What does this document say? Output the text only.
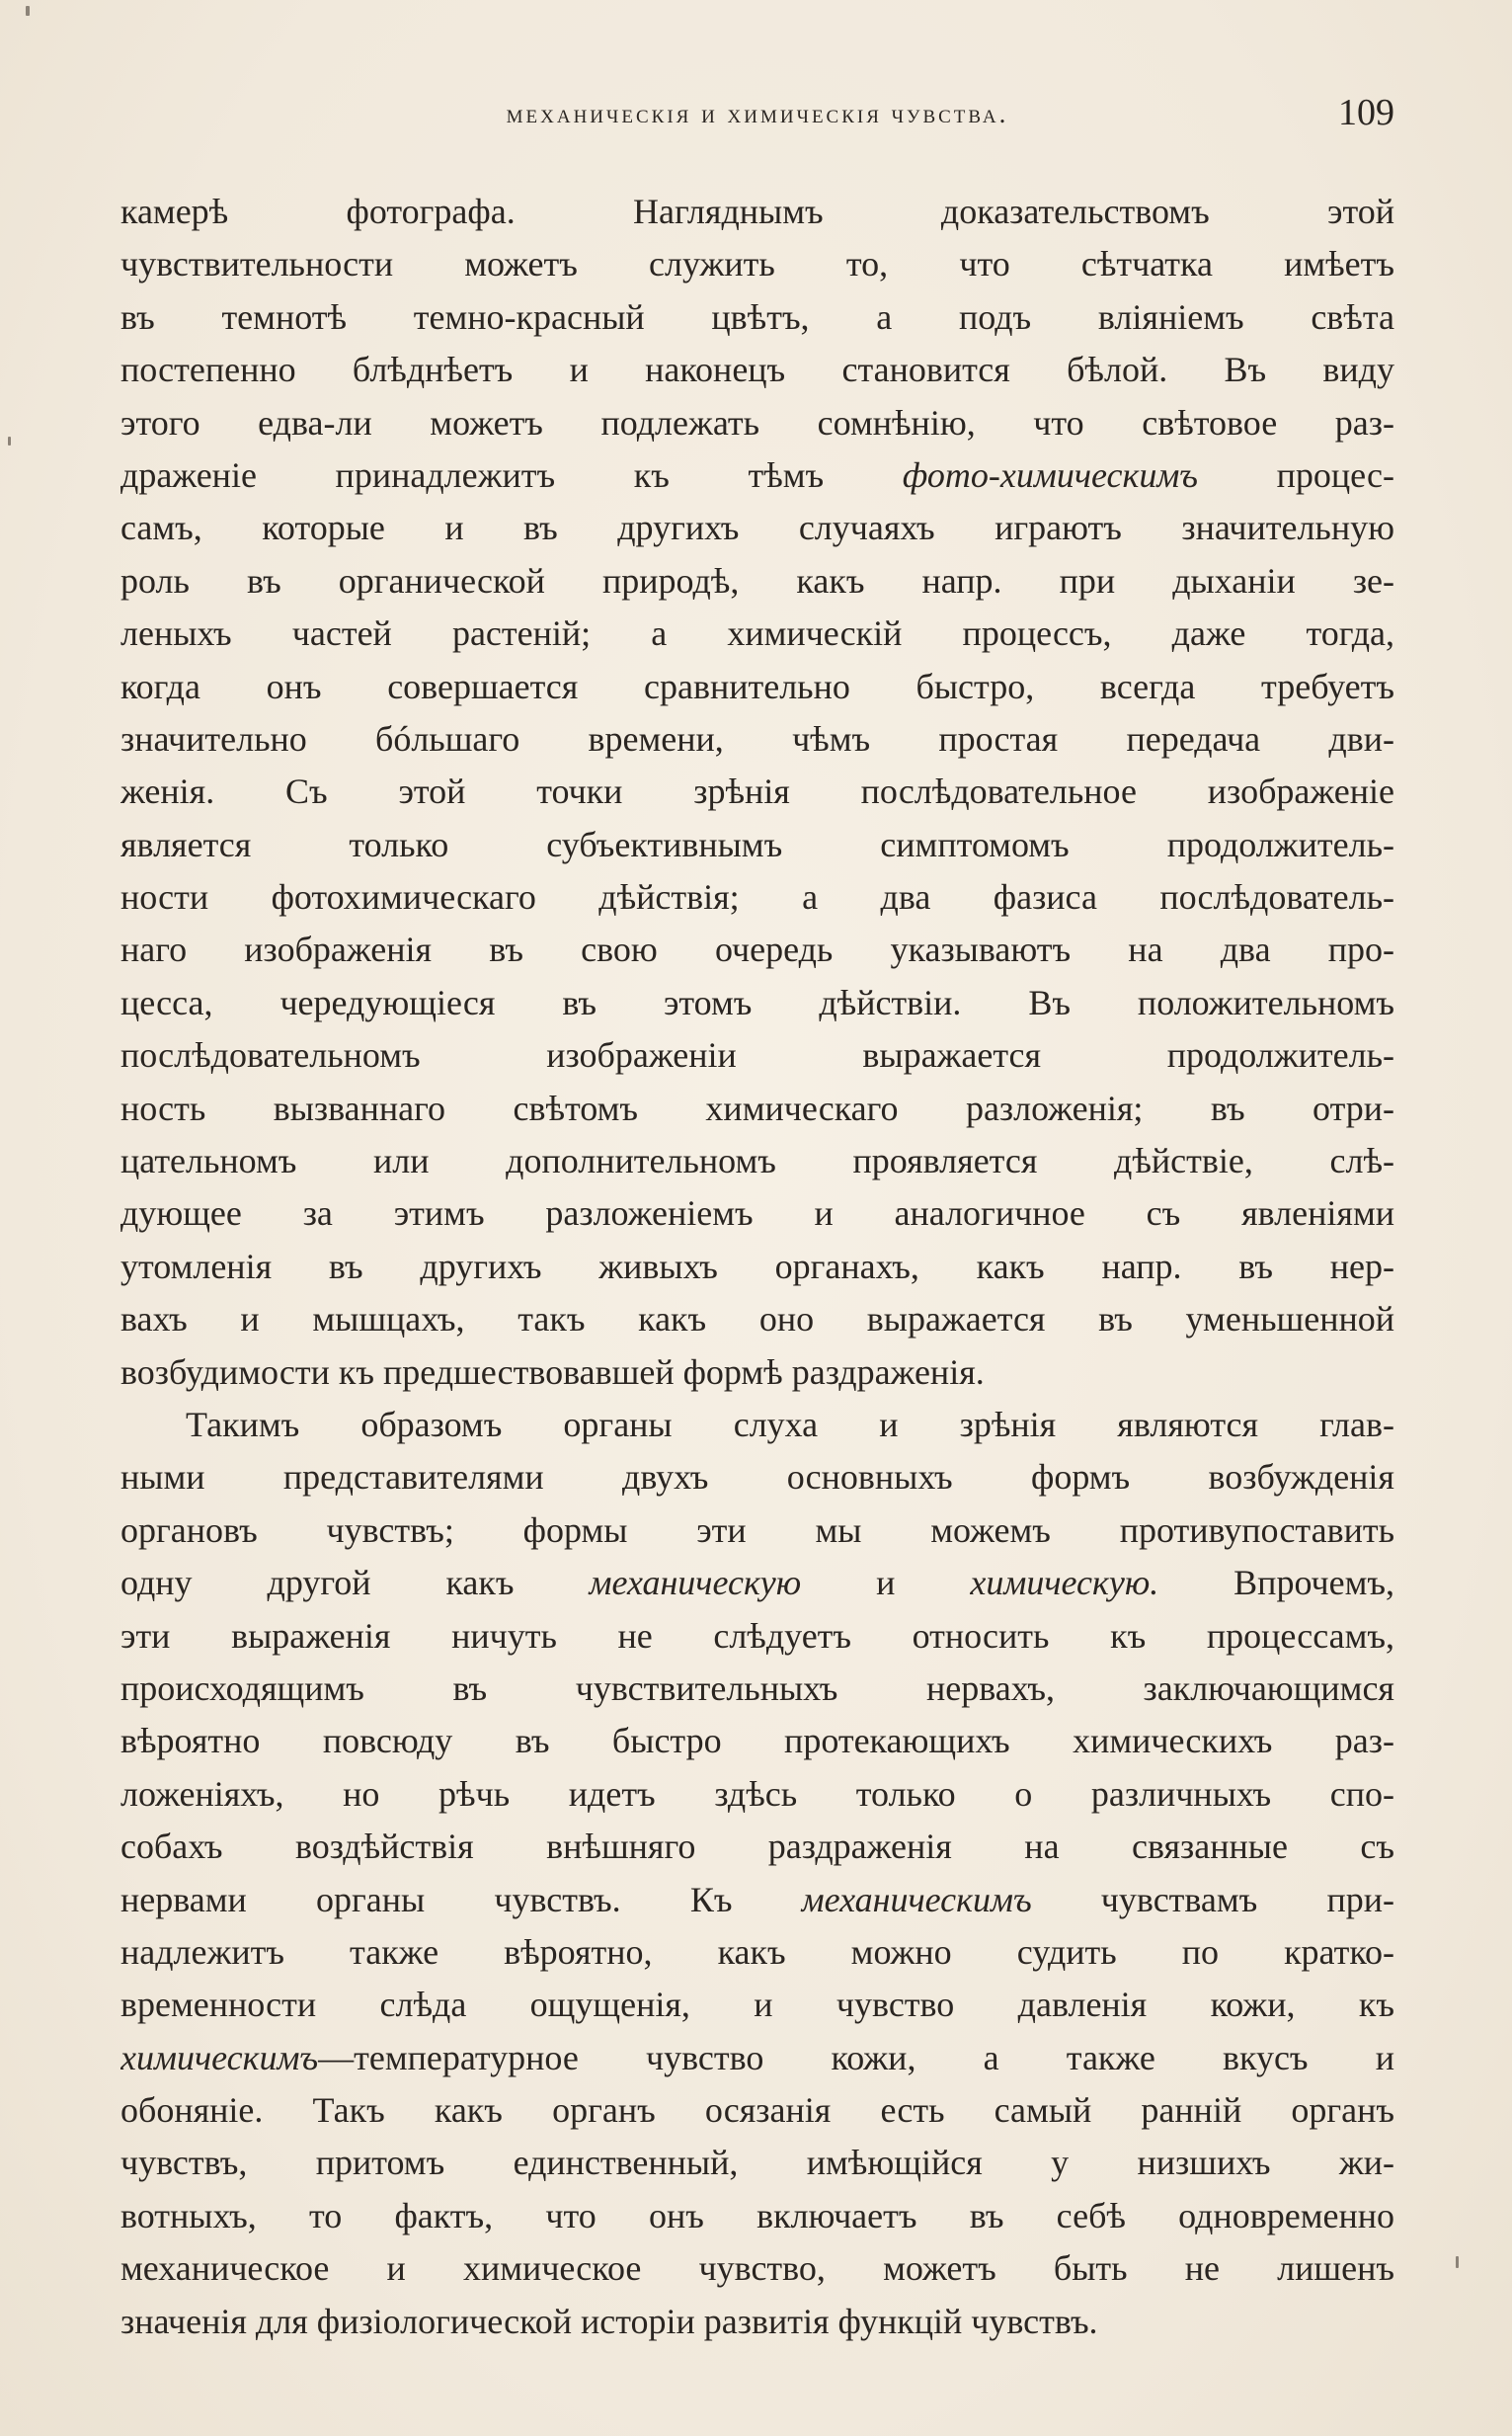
механическія и химическія чувства.	109
камерѣ фотографа. Нагляднымъ доказательствомъ этой
чувствительности можетъ служить то, что сѣтчатка имѣетъ
въ темнотѣ темно-красный цвѣтъ, а подъ вліяніемъ свѣта
постепенно блѣднѣетъ и наконецъ становится бѣлой. Въ виду
этого едва-ли можетъ подлежать сомнѣнію, что свѣтовое раз-
драженіе принадлежитъ къ тѣмъ фото-химическимъ процес-
самъ, которые и въ другихъ случаяхъ играютъ значительную
роль въ органической природѣ, какъ напр. при дыханіи зе-
леныхъ частей растеній; а химическій процессъ, даже тогда,
когда онъ совершается сравнительно быстро, всегда требуетъ
значительно бóльшаго времени, чѣмъ простая передача дви-
женія. Съ этой точки зрѣнія послѣдовательное изображеніе
является только субъективнымъ симптомомъ продолжитель-
ности фотохимическаго дѣйствія; а два фазиса послѣдователь-
наго изображенія въ свою очередь указываютъ на два про-
цесса, чередующіеся въ этомъ дѣйствіи. Въ положительномъ
послѣдовательномъ изображеніи выражается продолжитель-
ность вызваннаго свѣтомъ химическаго разложенія; въ отри-
цательномъ или дополнительномъ проявляется дѣйствіе, слѣ-
дующее за этимъ разложеніемъ и аналогичное съ явленіями
утомленія въ другихъ живыхъ органахъ, какъ напр. въ нер-
вахъ и мышцахъ, такъ какъ оно выражается въ уменьшенной
возбудимости къ предшествовавшей формѣ раздраженія.
Такимъ образомъ органы слуха и зрѣнія являются глав-
ными представителями двухъ основныхъ формъ возбужденія
органовъ чувствъ; формы эти мы можемъ противупоставить
одну другой какъ механическую и химическую. Впрочемъ,
эти выраженія ничуть не слѣдуетъ относить къ процессамъ,
происходящимъ въ чувствительныхъ нервахъ, заключающимся
вѣроятно повсюду въ быстро протекающихъ химическихъ раз-
ложеніяхъ, но рѣчь идетъ здѣсь только о различныхъ спо-
собахъ воздѣйствія внѣшняго раздраженія на связанные съ
нервами органы чувствъ. Къ механическимъ чувствамъ при-
надлежитъ также вѣроятно, какъ можно судить по кратко-
временности слѣда ощущенія, и чувство давленія кожи, къ
химическимъ—температурное чувство кожи, а также вкусъ и
обоняніе. Такъ какъ органъ осязанія есть самый ранній органъ
чувствъ, притомъ единственный, имѣющійся у низшихъ жи-
вотныхъ, то фактъ, что онъ включаетъ въ себѣ одновременно
механическое и химическое чувство, можетъ быть не лишенъ
значенія для физіологической исторіи развитія функцій чувствъ.
